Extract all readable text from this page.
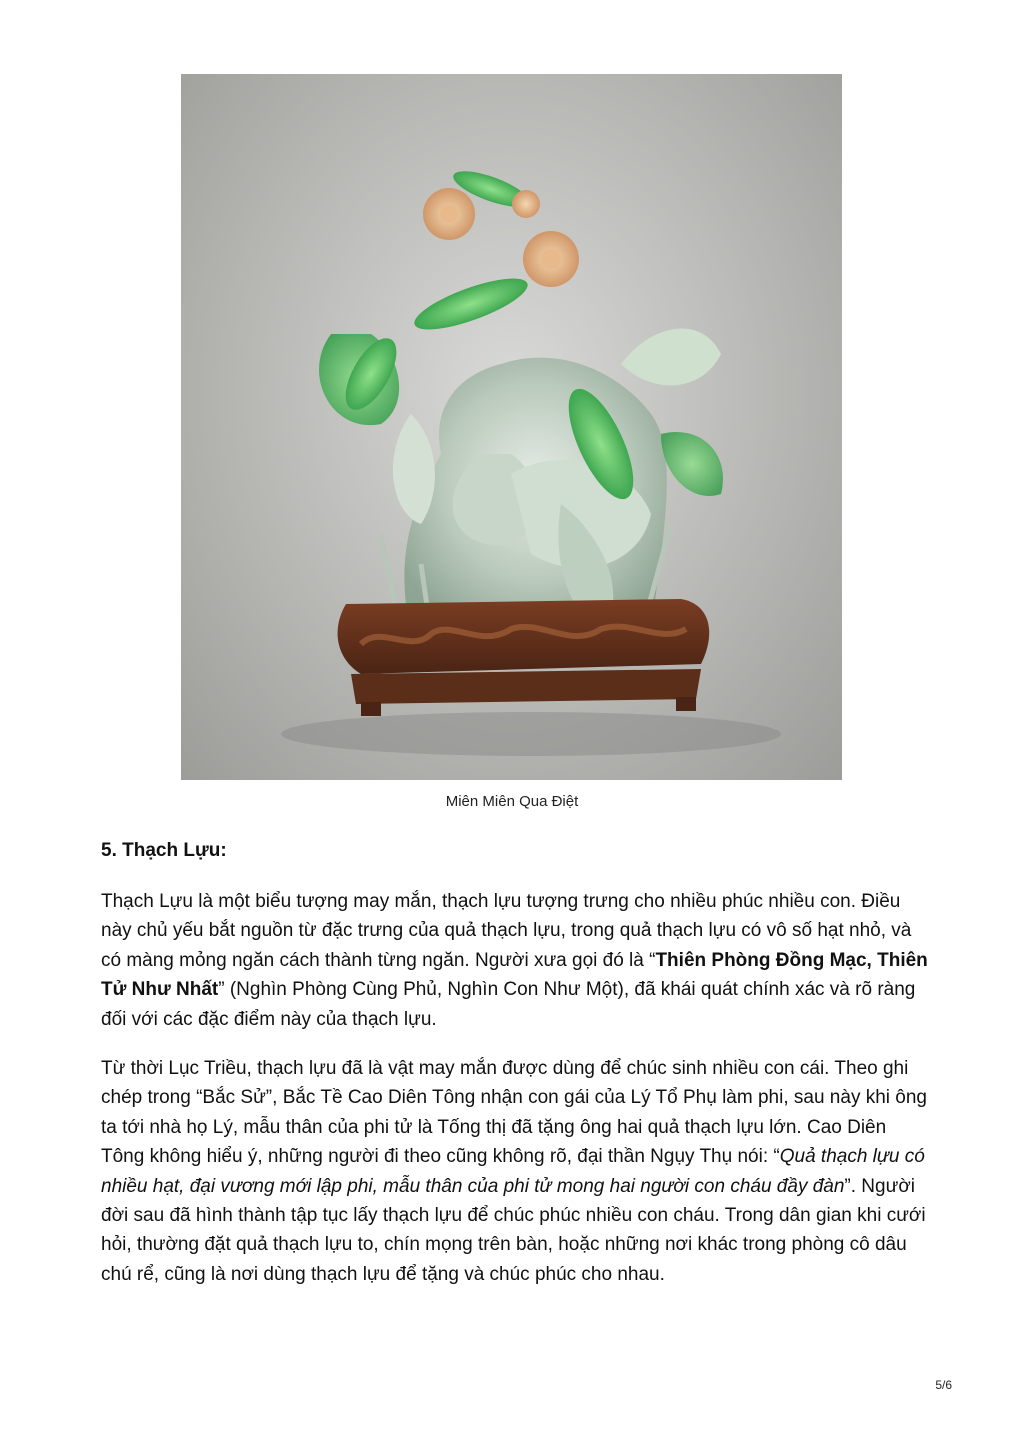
Miên Miên Qua Điệt
5. Thạch Lựu:

Thạch Lựu là một biểu tượng may mắn, thạch lựu tượng trưng cho nhiều phúc nhiều con. Điều này chủ yếu bắt nguồn từ đặc trưng của quả thạch lựu, trong quả thạch lựu có vô số hạt nhỏ, và có màng mỏng ngăn cách thành từng ngăn. Người xưa gọi đó là “Thiên Phòng Đồng Mạc, Thiên Tử Như Nhất” (Nghìn Phòng Cùng Phủ, Nghìn Con Như Một), đã khái quát chính xác và rõ ràng đối với các đặc điểm này của thạch lựu.

Từ thời Lục Triều, thạch lựu đã là vật may mắn được dùng để chúc sinh nhiều con cái. Theo ghi chép trong “Bắc Sử”, Bắc Tề Cao Diên Tông nhận con gái của Lý Tổ Phụ làm phi, sau này khi ông ta tới nhà họ Lý, mẫu thân của phi tử là Tống thị đã tặng ông hai quả thạch lựu lớn. Cao Diên Tông không hiểu ý, những người đi theo cũng không rõ, đại thần Ngụy Thụ nói: “Quả thạch lựu có nhiều hạt, đại vương mới lập phi, mẫu thân của phi tử mong hai người con cháu đầy đàn”. Người đời sau đã hình thành tập tục lấy thạch lựu để chúc phúc nhiều con cháu. Trong dân gian khi cưới hỏi, thường đặt quả thạch lựu to, chín mọng trên bàn, hoặc những nơi khác trong phòng cô dâu chú rể, cũng là nơi dùng thạch lựu để tặng và chúc phúc cho nhau.

5/6
